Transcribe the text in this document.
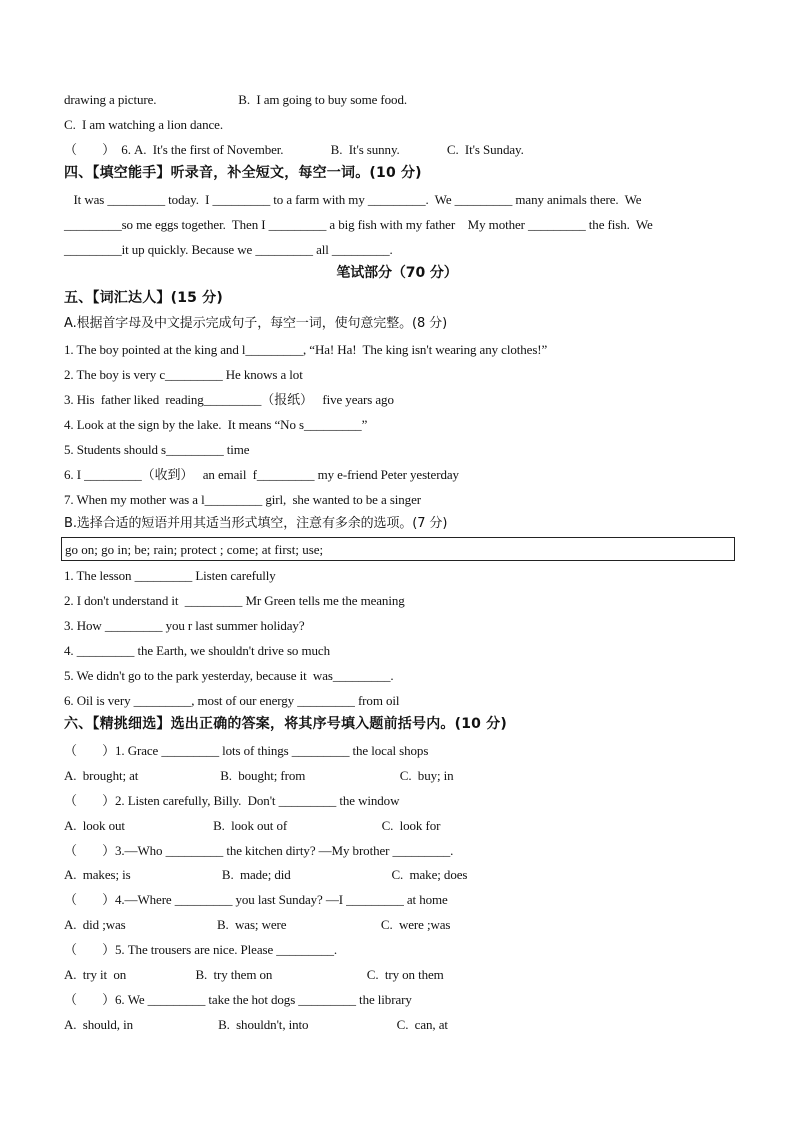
drawing a picture.                          B.  I am going to buy some food.
C.  I am watching a lion dance.
（        ）  6. A.  It's the first of November.               B.  It's sunny.               C.  It's Sunday.
四、【填空能手】听录音，补全短文，每空一词。(10 分)
It was _________ today.  I _________ to a farm with my _________.  We _________ many animals there.  We
_________so me eggs together.  Then I _________ a big fish with my father    My mother _________ the fish.  We
_________it up quickly. Because we _________ all _________.
笔试部分（70 分）
五、【词汇达人】(15 分)
A.根据首字母及中文提示完成句子，每空一词，使句意完整。(8 分)
1. The boy pointed at the king and l_________, “Ha! Ha!  The king isn't wearing any clothes!”
2. The boy is very c_________ He knows a lot
3. His  father liked  reading_________（报纸）   five years ago
4. Look at the sign by the lake.  It means “No s_________”
5. Students should s_________ time
6. I _________（收到）   an email  f_________ my e-friend Peter yesterday
7. When my mother was a l_________ girl,  she wanted to be a singer
B.选择合适的短语并用其适当形式填空，注意有多余的选项。(7 分)
go on; go in; be; rain; protect ; come; at first; use;
1. The lesson _________ Listen carefully
2. I don't understand it  _________ Mr Green tells me the meaning
3. How _________ you r last summer holiday?
4. _________ the Earth, we shouldn't drive so much
5. We didn't go to the park yesterday, because it  was_________.
6. Oil is very _________, most of our energy _________ from oil
六、【精挑细选】选出正确的答案，将其序号填入题前括号内。(10 分)
（        ）1. Grace _________ lots of things _________ the local shops
A.  brought; at                          B.  bought; from                              C.  buy; in
（        ）2. Listen carefully, Billy.  Don't _________ the window
A.  look out                            B.  look out of                              C.  look for
（        ）3.—Who _________ the kitchen dirty? —My brother _________.
A.  makes; is                             B.  made; did                                C.  make; does
（        ）4.—Where _________ you last Sunday? —I _________ at home
A.  did ;was                             B.  was; were                              C.  were ;was
（        ）5. The trousers are nice. Please _________.
A.  try it  on                      B.  try them on                              C.  try on them
（        ）6. We _________ take the hot dogs _________ the library
A.  should, in                           B.  shouldn't, into                            C.  can, at
